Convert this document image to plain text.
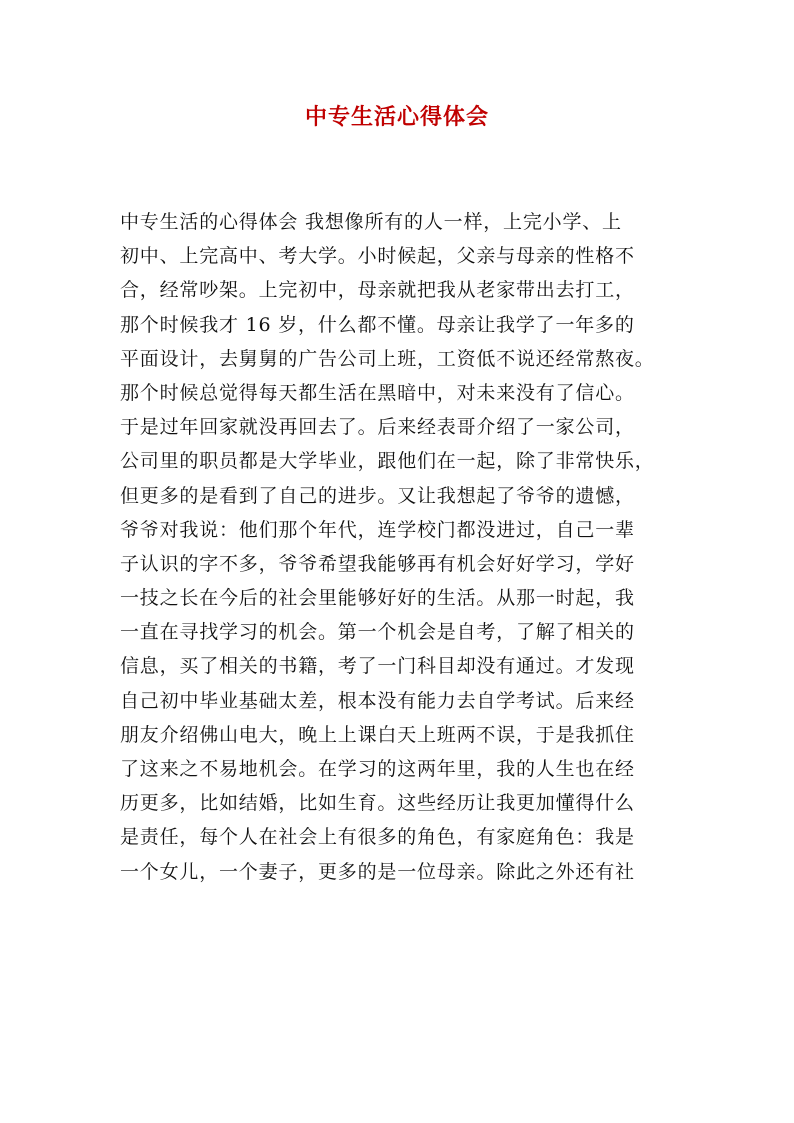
中专生活心得体会
中专生活的心得体会 我想像所有的人一样，上完小学、上
初中、上完高中、考大学。小时候起，父亲与母亲的性格不
合，经常吵架。上完初中，母亲就把我从老家带出去打工，
那个时候我才 16 岁，什么都不懂。母亲让我学了一年多的
平面设计，去舅舅的广告公司上班，工资低不说还经常熬夜。
那个时候总觉得每天都生活在黑暗中，对未来没有了信心。
于是过年回家就没再回去了。后来经表哥介绍了一家公司，
公司里的职员都是大学毕业，跟他们在一起，除了非常快乐，
但更多的是看到了自己的进步。又让我想起了爷爷的遗憾，
爷爷对我说：他们那个年代，连学校门都没进过，自己一辈
子认识的字不多，爷爷希望我能够再有机会好好学习，学好
一技之长在今后的社会里能够好好的生活。从那一时起，我
一直在寻找学习的机会。第一个机会是自考，了解了相关的
信息，买了相关的书籍，考了一门科目却没有通过。才发现
自己初中毕业基础太差，根本没有能力去自学考试。后来经
朋友介绍佛山电大，晚上上课白天上班两不误，于是我抓住
了这来之不易地机会。在学习的这两年里，我的人生也在经
历更多，比如结婚，比如生育。这些经历让我更加懂得什么
是责任，每个人在社会上有很多的角色，有家庭角色：我是
一个女儿，一个妻子，更多的是一位母亲。除此之外还有社
